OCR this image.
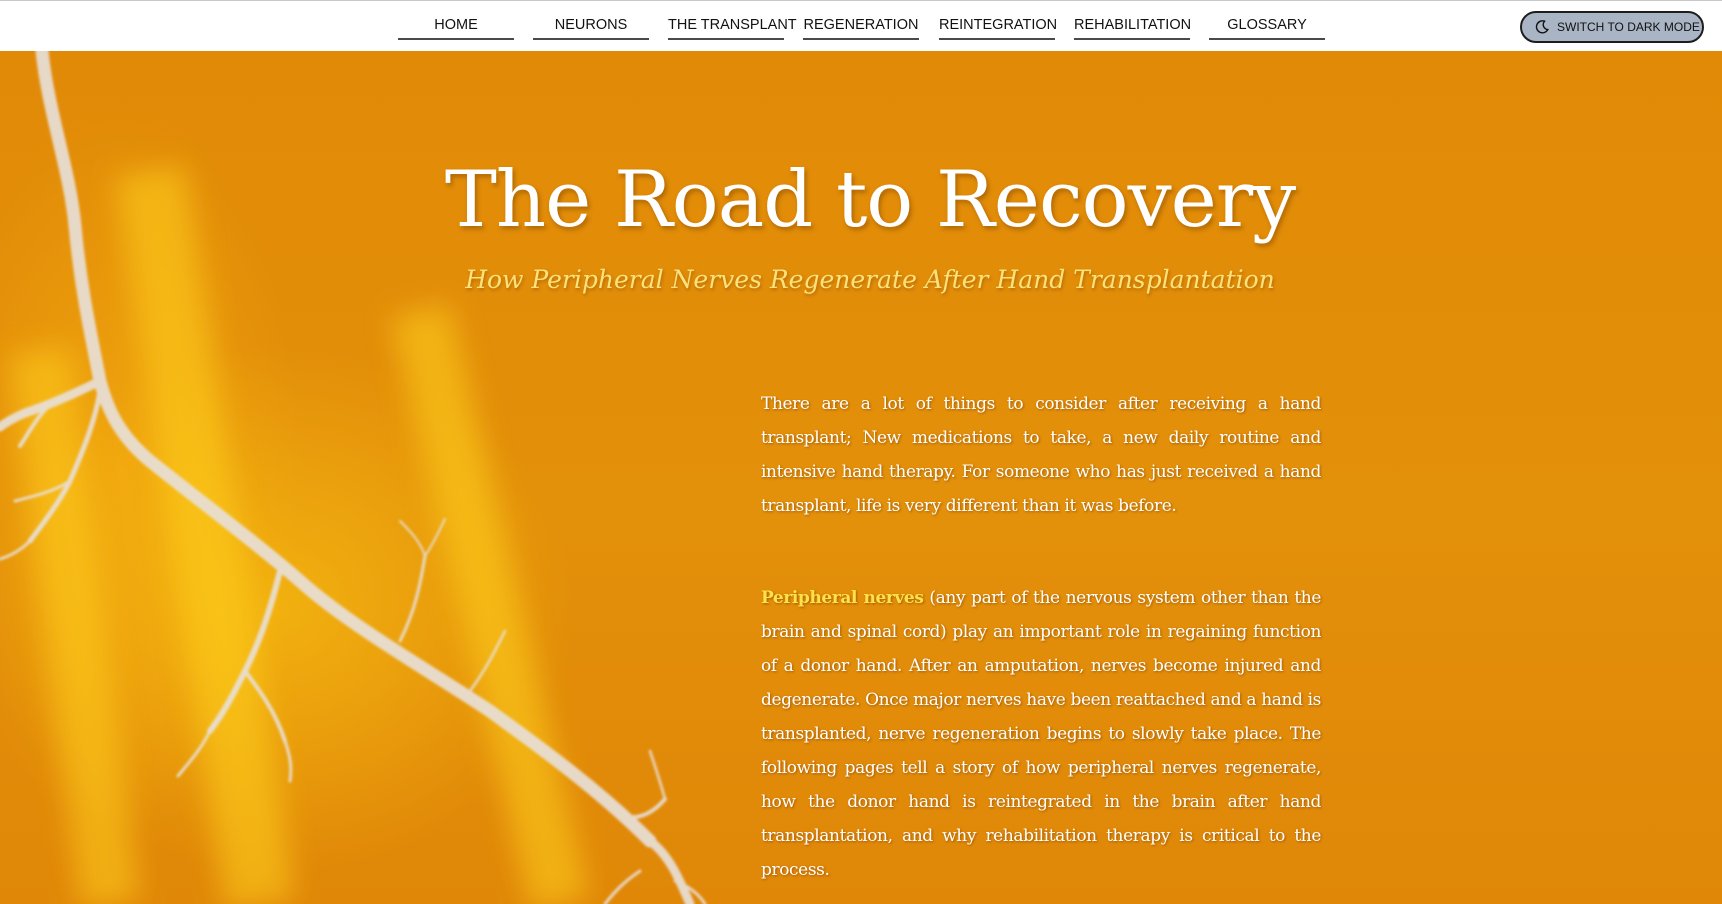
HOME	NEURONS	THE TRANSPLANT REGENERATION REINTEGRATION REHABILITATION	GLOSSARY	SWITCH TO DARK MODE
The Road to Recovery
How Peripheral Nerves Regenerate After Hand Transplantation

There are a lot of things to consider after receiving a hand transplant; New medications to take, a new daily routine and intensive hand therapy. For someone who has just received a hand transplant, life is very different than it was before.

Peripheral nerves (any part of the nervous system other than the brain and spinal cord) play an important role in regaining function of a donor hand. After an amputation, nerves become injured and degenerate. Once major nerves have been reattached and a hand is transplanted, nerve regeneration begins to slowly take place. The following pages tell a story of how peripheral nerves regenerate, how the donor hand is reintegrated in the brain after hand transplantation, and why rehabilitation therapy is critical to the process.
